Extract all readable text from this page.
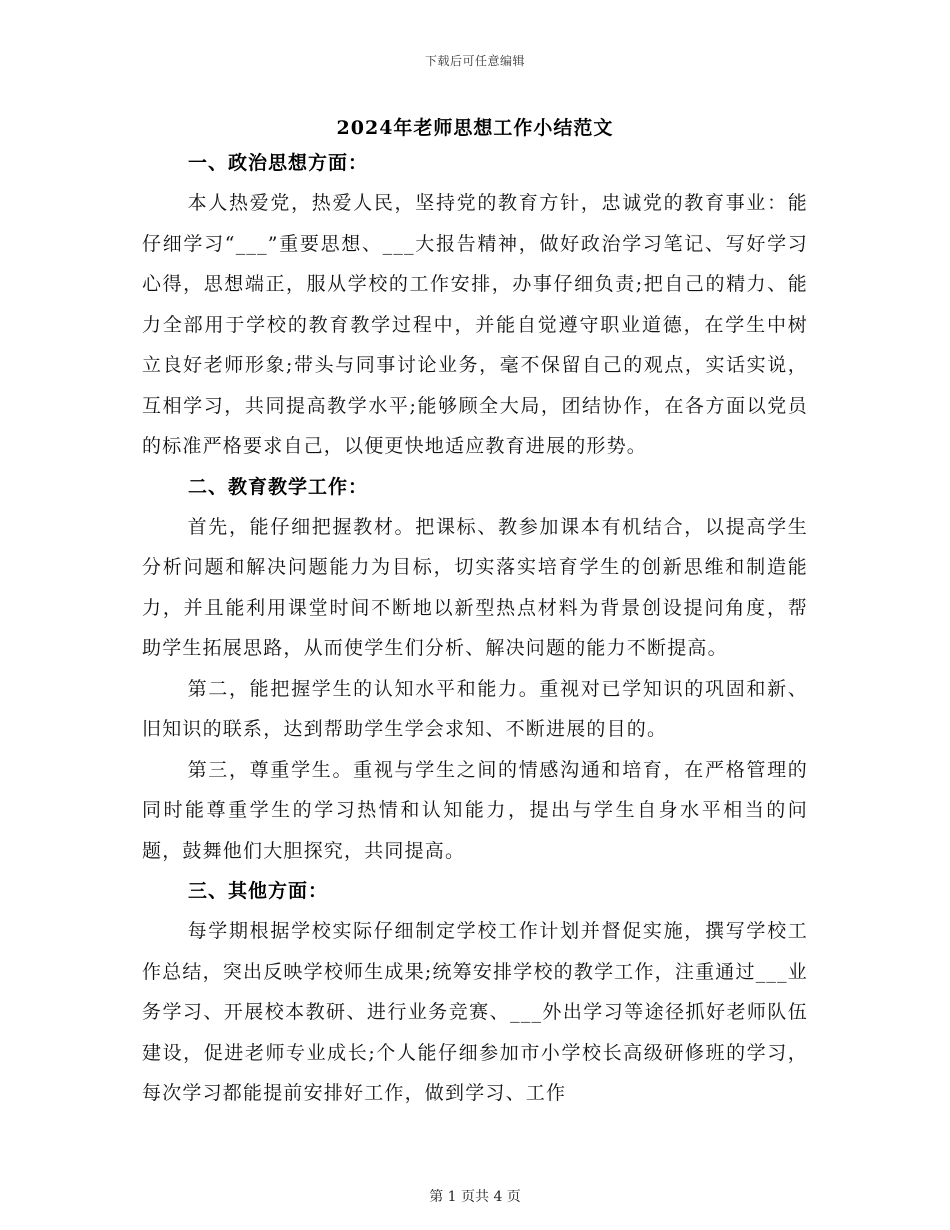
下载后可任意编辑
2024年老师思想工作小结范文

一、政治思想方面：

本人热爱党，热爱人民，坚持党的教育方针，忠诚党的教育事业：能仔细学习“___”重要思想、___大报告精神，做好政治学习笔记、写好学习心得，思想端正，服从学校的工作安排，办事仔细负责;把自己的精力、能力全部用于学校的教育教学过程中，并能自觉遵守职业道德，在学生中树立良好老师形象;带头与同事讨论业务，毫不保留自己的观点，实话实说，互相学习，共同提高教学水平;能够顾全大局，团结协作，在各方面以党员的标准严格要求自己，以便更快地适应教育进展的形势。

二、教育教学工作：

首先，能仔细把握教材。把课标、教参加课本有机结合，以提高学生分析问题和解决问题能力为目标，切实落实培育学生的创新思维和制造能力，并且能利用课堂时间不断地以新型热点材料为背景创设提问角度，帮助学生拓展思路，从而使学生们分析、解决问题的能力不断提高。

第二，能把握学生的认知水平和能力。重视对已学知识的巩固和新、旧知识的联系，达到帮助学生学会求知、不断进展的目的。

第三，尊重学生。重视与学生之间的情感沟通和培育，在严格管理的同时能尊重学生的学习热情和认知能力，提出与学生自身水平相当的问题，鼓舞他们大胆探究，共同提高。

三、其他方面：

每学期根据学校实际仔细制定学校工作计划并督促实施，撰写学校工作总结，突出反映学校师生成果;统筹安排学校的教学工作，注重通过___业务学习、开展校本教研、进行业务竞赛、___外出学习等途径抓好老师队伍建设，促进老师专业成长;个人能仔细参加市小学校长高级研修班的学习，每次学习都能提前安排好工作，做到学习、工作

第 1 页共 4 页
